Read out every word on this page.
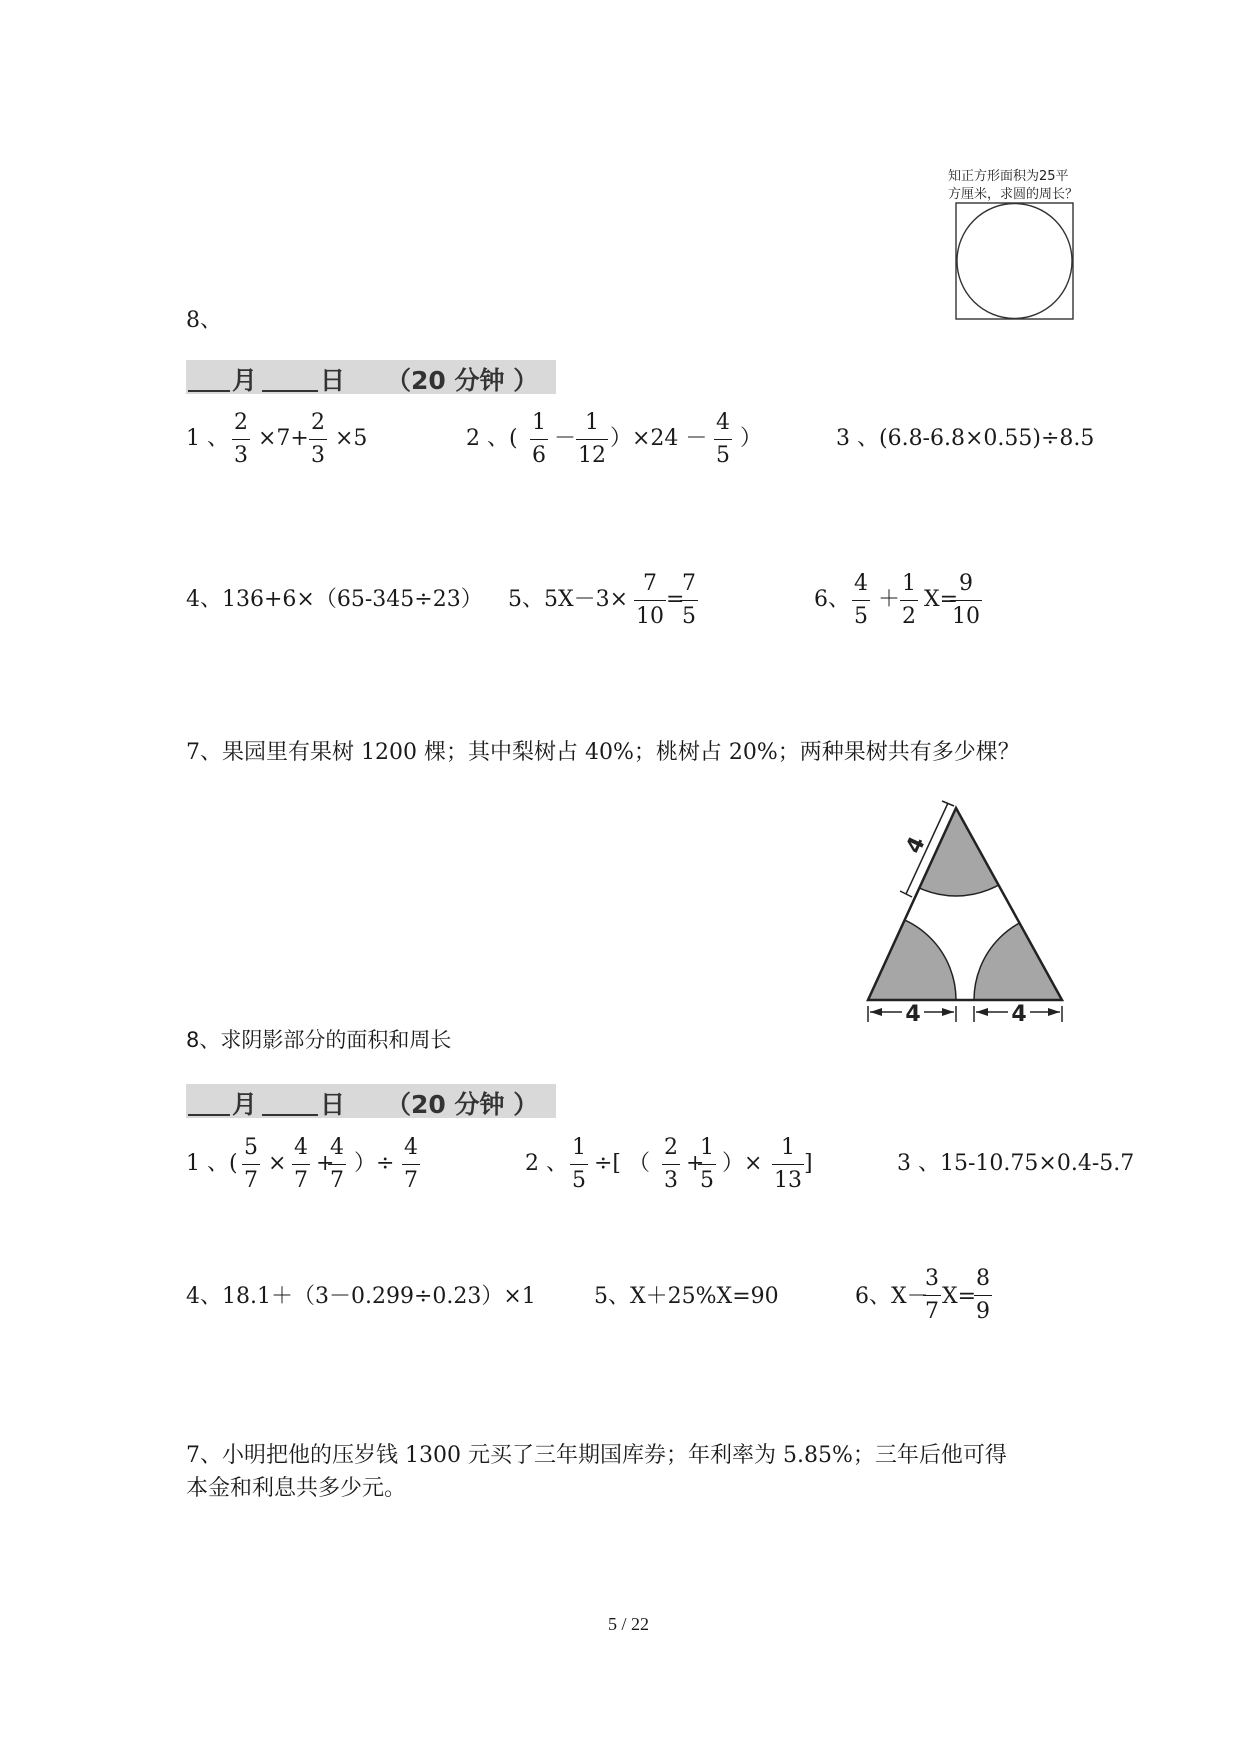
知正方形面积为25平
方厘米，求圆的周长？
8、
月	日 （20 分钟 ）
1 、 $\frac{2}{3} \times 7+ \frac{2}{3} \times 5$	2 、( $\frac{1}{6} - \frac{1}{12} )\times 24 - \frac{4}{5}$ ）	3 、(6.8-6.8×0.55)÷8.5
4、136+6×（65-345÷23） 5、$5X-3\times \frac{7}{10}$ =
$\frac{7}{5}$	6、 $\frac{4}{5} + \frac{1}{2} X=$
$\frac{9}{10}$
7、果园里有果树 1200 棵；其中梨树占 40%；桃树占 20%；两种果树共有多少棵？
4	4
4
8、求阴影部分的面积和周长
月	日 （20 分钟 ）
1 、( $\frac{5}{7} \times \frac{4}{7}$ +
$\frac{4}{7}$ ）÷ $\frac{4}{7}$	2 、 $\frac{1}{5}$ ÷[ （ $\frac{2}{3}$ +
$\frac{1}{5}$ ）× $\frac{1}{13}$ ]	3 、15-10.75×0.4-5.7
4、18.1＋（3－0.299÷0.23）×1	5、X＋25%X=90	6、X－
$\frac{3}{7} X=$
$\frac{8}{9}$
7、小明把他的压岁钱 1300 元买了三年期国库券；年利率为 5.85%；三年后他可得
本金和利息共多少元。
5 / 22
